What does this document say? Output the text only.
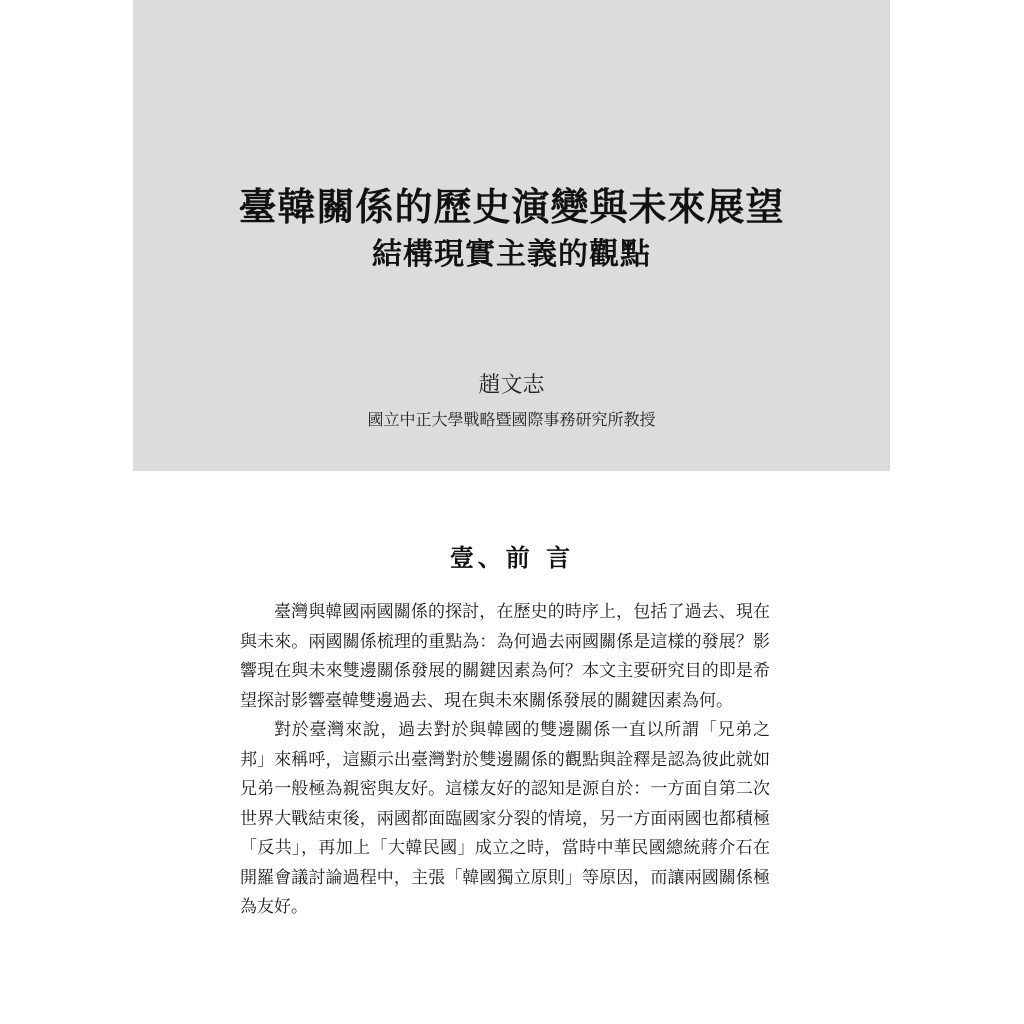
臺韓關係的歷史演變與未來展望
結構現實主義的觀點
趙文志
國立中正大學戰略暨國際事務研究所教授
壹、前 言

臺灣與韓國兩國關係的探討，在歷史的時序上，包括了過去、現在與未來。兩國關係梳理的重點為：為何過去兩國關係是這樣的發展？影響現在與未來雙邊關係發展的關鍵因素為何？本文主要研究目的即是希望探討影響臺韓雙邊過去、現在與未來關係發展的關鍵因素為何。

對於臺灣來說，過去對於與韓國的雙邊關係一直以所謂「兄弟之邦」來稱呼，這顯示出臺灣對於雙邊關係的觀點與詮釋是認為彼此就如兄弟一般極為親密與友好。這樣友好的認知是源自於：一方面自第二次世界大戰結束後，兩國都面臨國家分裂的情境，另一方面兩國也都積極「反共」，再加上「大韓民國」成立之時，當時中華民國總統蔣介石在開羅會議討論過程中，主張「韓國獨立原則」等原因，而讓兩國關係極為友好。
